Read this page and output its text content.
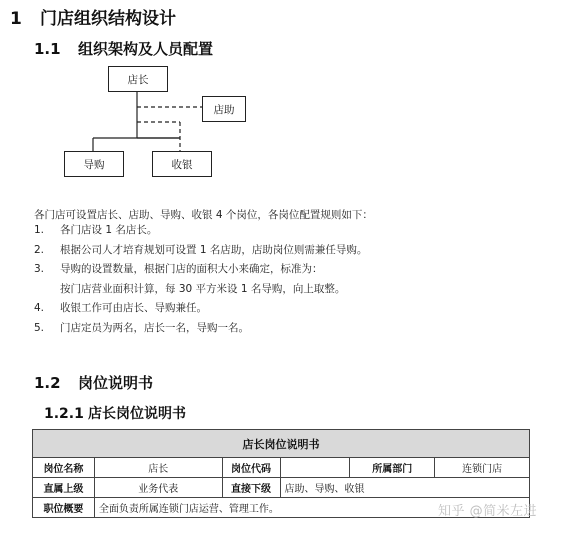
1 门店组织结构设计
1.1 组织架构及人员配置
店长
店助
导购	收银
各门店可设置店长、店助、导购、收银 4 个岗位，各岗位配置规则如下：
1. 各门店设 1 名店长。
2. 根据公司人才培育规划可设置 1 名店助，店助岗位则需兼任导购。
3. 导购的设置数量，根据门店的面积大小来确定，标准为：
按门店营业面积计算，每 30 平方米设 1 名导购，向上取整。
4. 收银工作可由店长、导购兼任。
5. 门店定员为两名，店长一名，导购一名。
1.2 岗位说明书
1.2.1 店长岗位说明书
店长岗位说明书					
岗位名称	店长	岗位代码		所属部门	连锁门店
直属上级	业务代表	直接下级	店助、导购、收银		
职位概要	全面负责所属连锁门店运营、管理工作。					知乎 @简米左进
